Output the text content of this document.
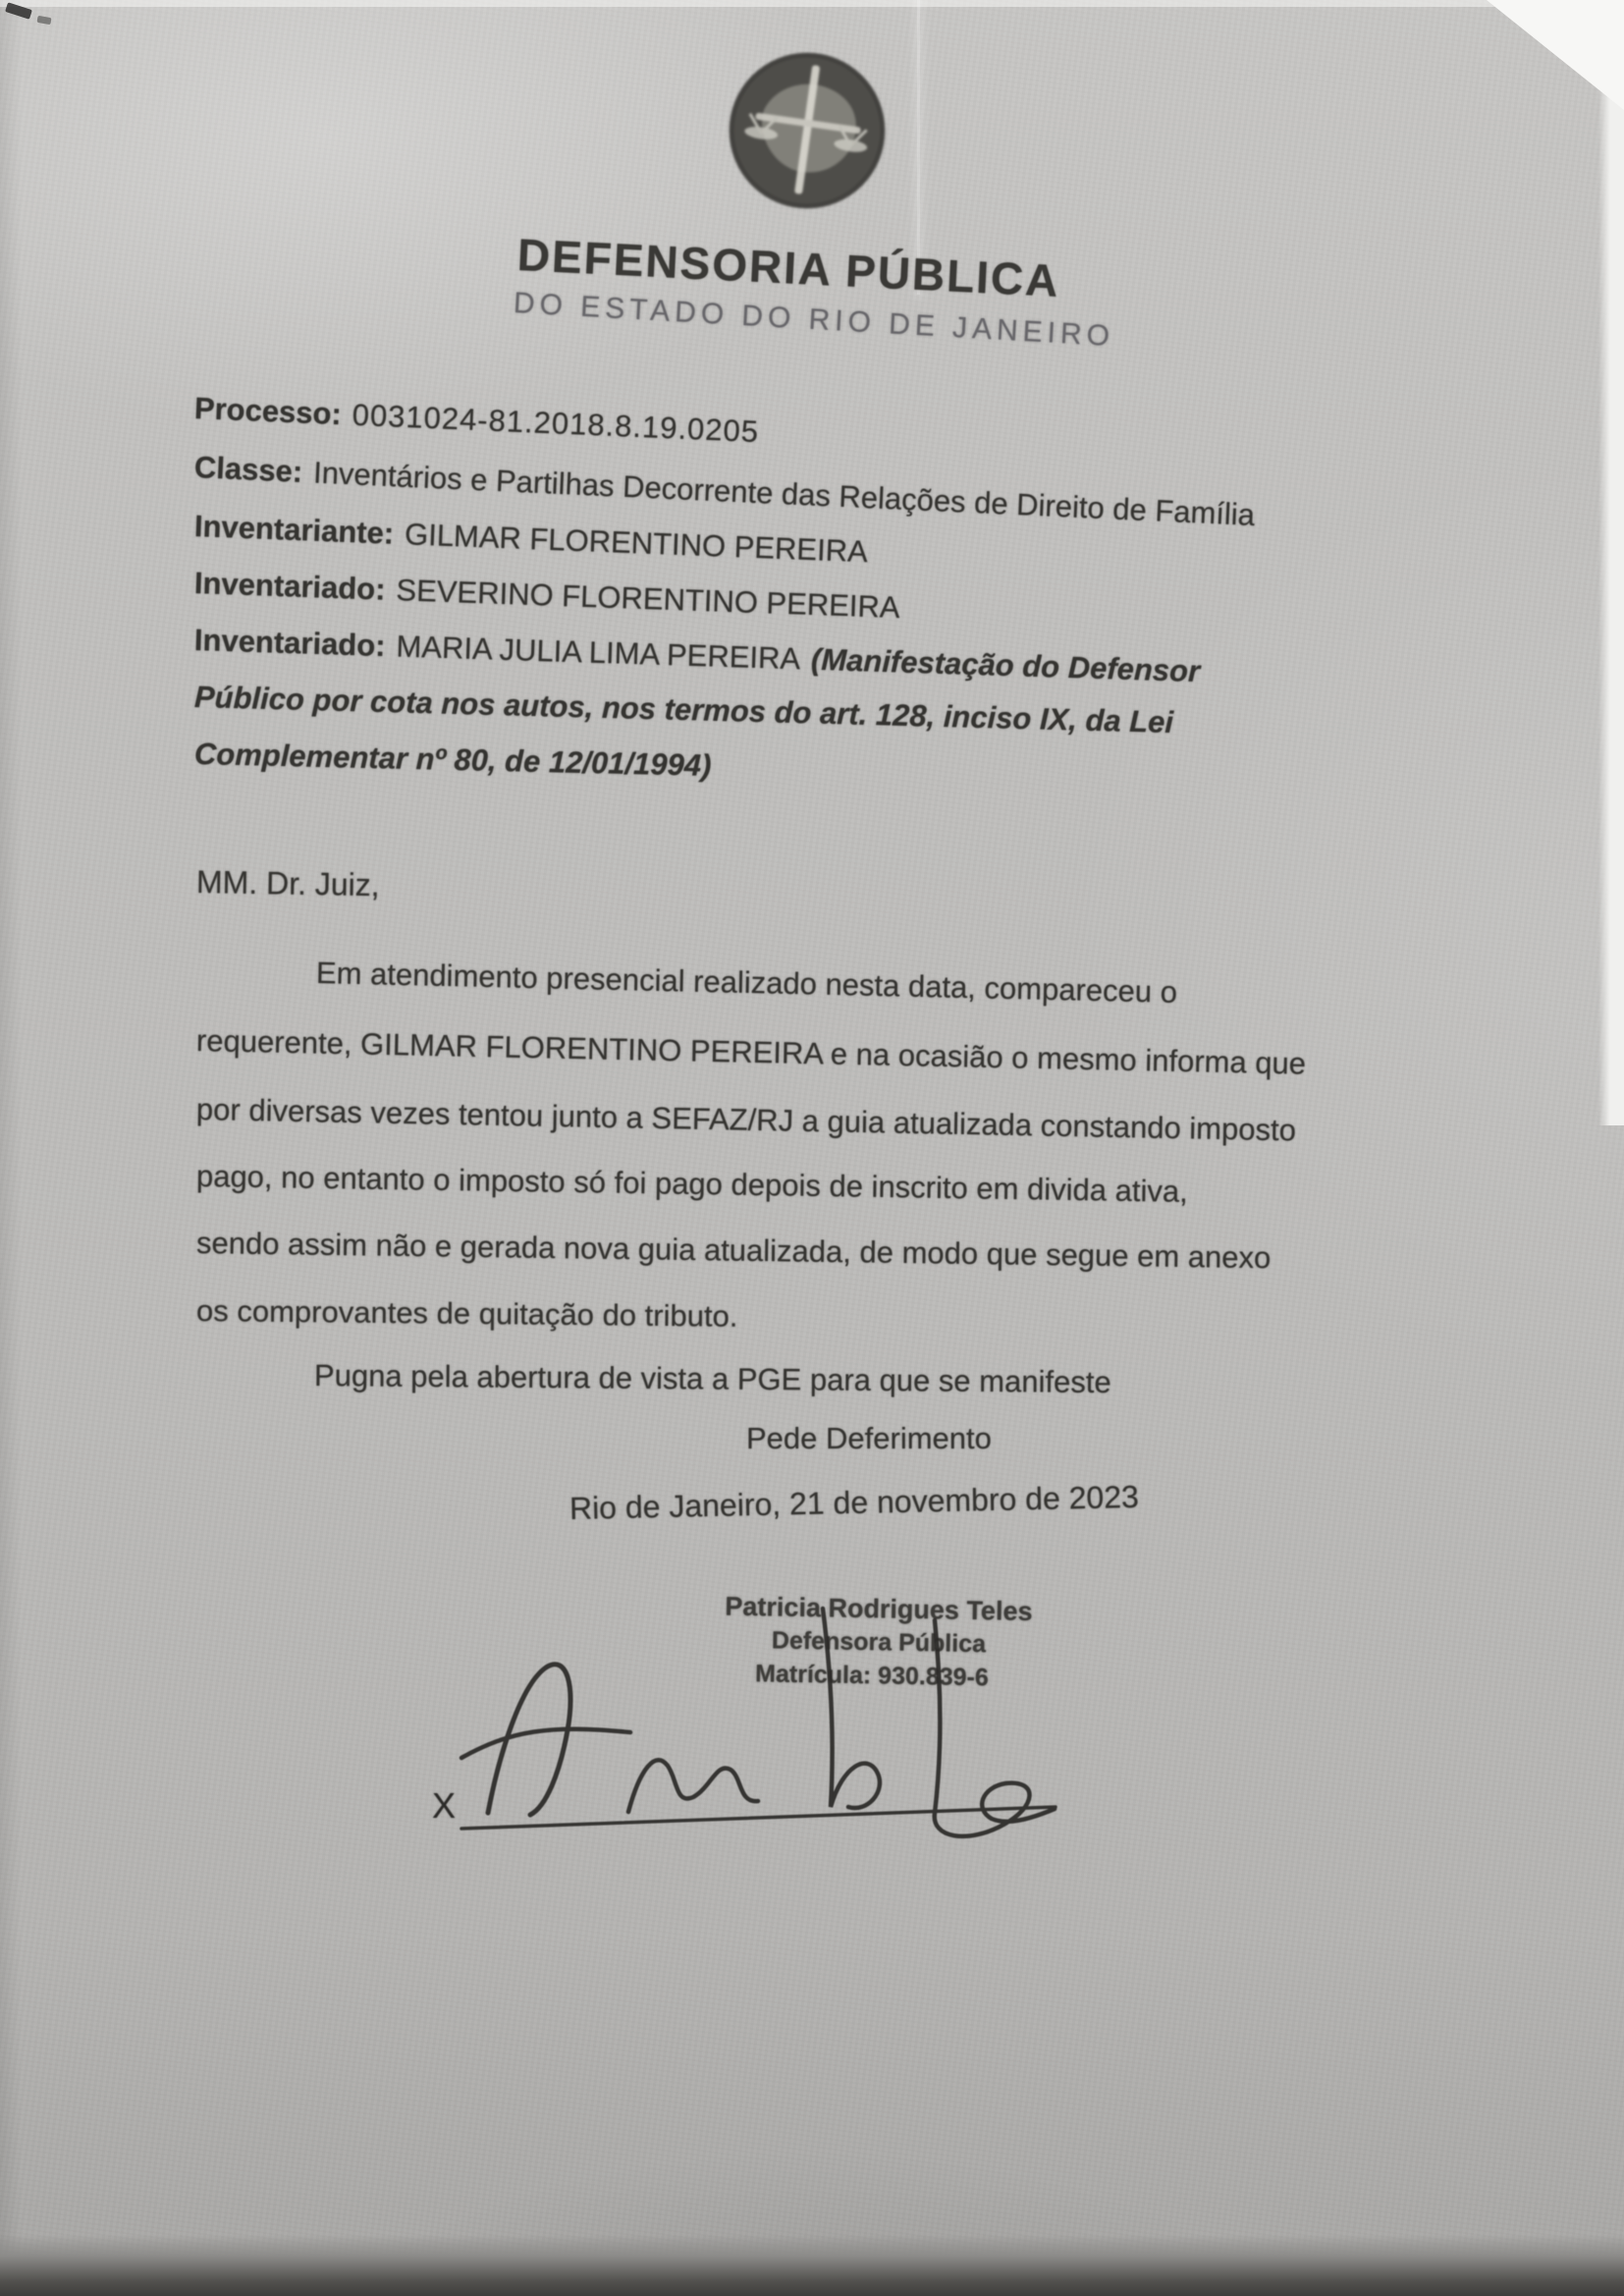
DEFENSORIA PÚBLICA
DO ESTADO DO RIO DE JANEIRO
Processo: 0031024-81.2018.8.19.0205
Classe: Inventários e Partilhas Decorrente das Relações de Direito de Família
Inventariante: GILMAR FLORENTINO PEREIRA
Inventariado: SEVERINO FLORENTINO PEREIRA
Inventariado: MARIA JULIA LIMA PEREIRA (Manifestação do Defensor
Público por cota nos autos, nos termos do art. 128, inciso IX, da Lei
Complementar nº 80, de 12/01/1994)
MM. Dr. Juiz,
Em atendimento presencial realizado nesta data, compareceu o
requerente, GILMAR FLORENTINO PEREIRA e na ocasião o mesmo informa que
por diversas vezes tentou junto a SEFAZ/RJ a guia atualizada constando imposto
pago, no entanto o imposto só foi pago depois de inscrito em divida ativa,
sendo assim não e gerada nova guia atualizada, de modo que segue em anexo
os comprovantes de quitação do tributo.
Pugna pela abertura de vista a PGE para que se manifeste
Pede Deferimento
Rio de Janeiro, 21 de novembro de 2023
Patricia Rodrigues Teles
Defensora Pública
Matrícula: 930.839-6
X
